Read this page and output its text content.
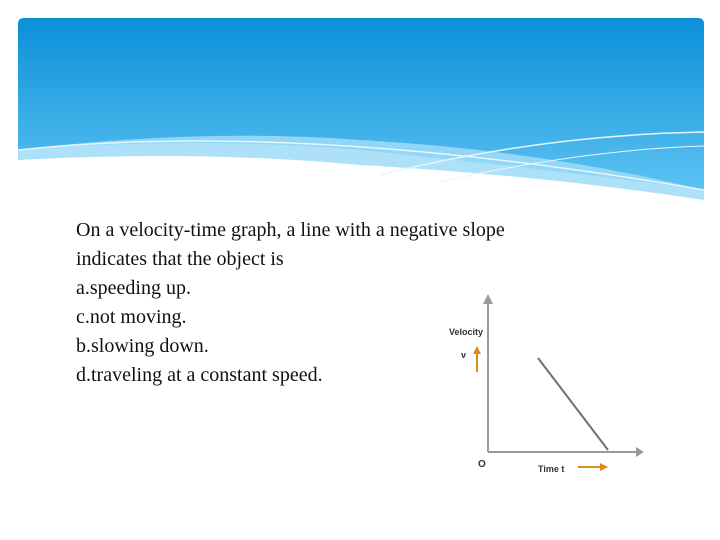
On a velocity-time graph, a line with a negative slope
indicates that the object is
a.speeding up.
c.not moving.
b.slowing down.
d.traveling at a constant speed.
Velocity
v
O	Time t
